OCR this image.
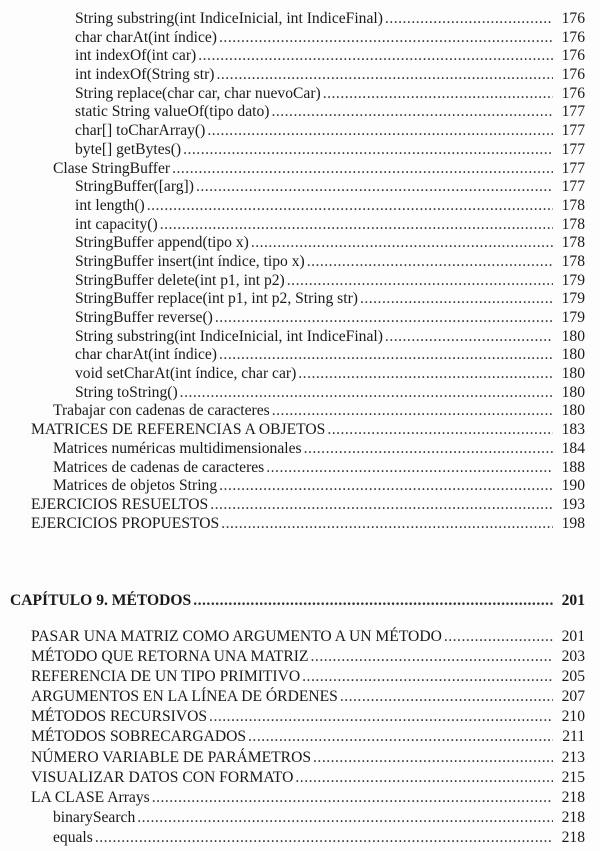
String substring(int IndiceInicial, int IndiceFinal) .....	176
char charAt(int índice) .....	176
int indexOf(int car) .....	176
int indexOf(String str) .....	176
String replace(char car, char nuevoCar) .....	176
static String valueOf(tipo dato) .....	177
char[] toCharArray() .....	177
byte[] getBytes() .....	177
Clase StringBuffer .....	177
StringBuffer([arg]) .....	177
int length() .....	178
int capacity() .....	178
StringBuffer append(tipo x) .....	178
StringBuffer insert(int índice, tipo x) .....	178
StringBuffer delete(int p1, int p2) .....	179
StringBuffer replace(int p1, int p2, String str) .....	179
StringBuffer reverse() .....	179
String substring(int IndiceInicial, int IndiceFinal) .....	180
char charAt(int índice) .....	180
void setCharAt(int índice, char car) .....	180
String toString() .....	180
Trabajar con cadenas de caracteres .....	180
MATRICES DE REFERENCIAS A OBJETOS .....	183
Matrices numéricas multidimensionales .....	184
Matrices de cadenas de caracteres .....	188
Matrices de objetos String .....	190
EJERCICIOS RESUELTOS .....	193
EJERCICIOS PROPUESTOS .....	198
CAPÍTULO 9. MÉTODOS .....	201
PASAR UNA MATRIZ COMO ARGUMENTO A UN MÉTODO .....	201
MÉTODO QUE RETORNA UNA MATRIZ .....	203
REFERENCIA DE UN TIPO PRIMITIVO .....	205
ARGUMENTOS EN LA LÍNEA DE ÓRDENES .....	207
MÉTODOS RECURSIVOS .....	210
MÉTODOS SOBRECARGADOS .....	211
NÚMERO VARIABLE DE PARÁMETROS .....	213
VISUALIZAR DATOS CON FORMATO .....	215
LA CLASE Arrays .....	218
binarySearch .....	218
equals .....	218
